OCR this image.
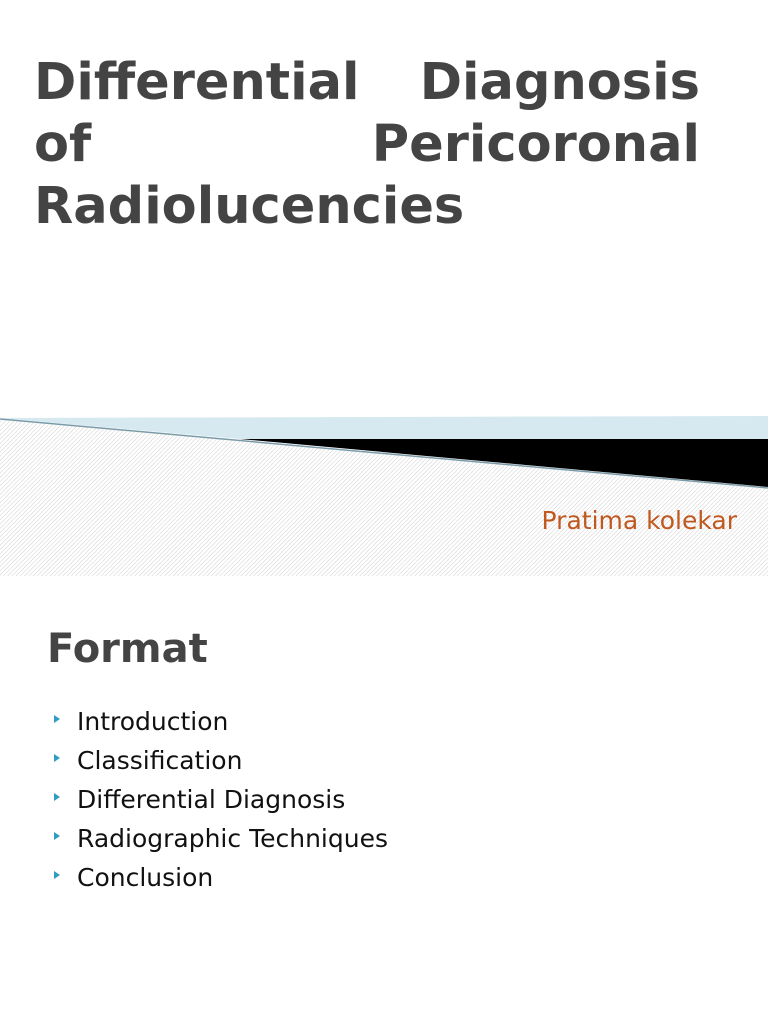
Differential Diagnosis of Pericoronal Radiolucencies

Pratima kolekar

Format
Introduction
Classification
Differential Diagnosis
Radiographic Techniques
Conclusion
